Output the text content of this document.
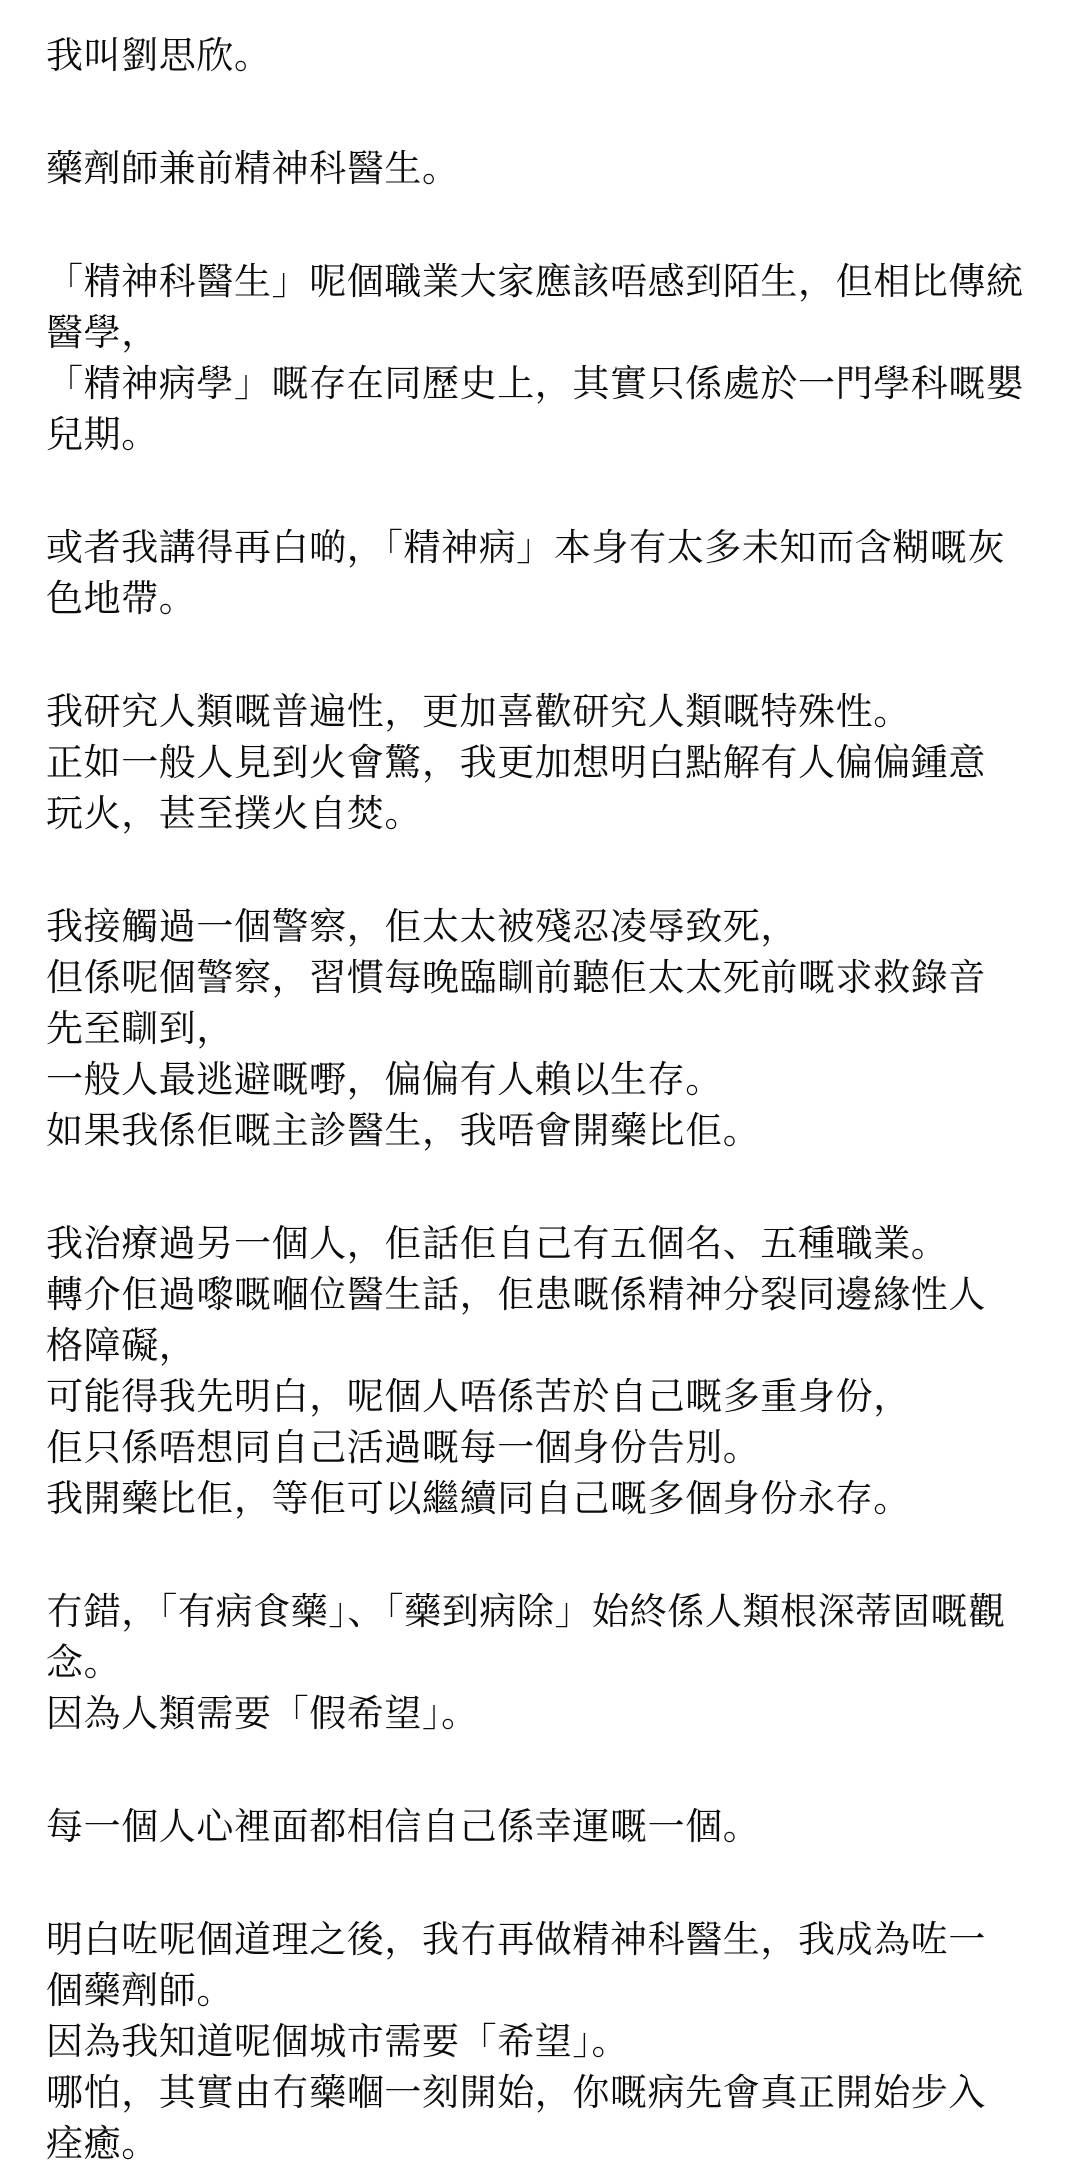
我叫劉思欣。
藥劑師兼前精神科醫生。
「精神科醫生」呢個職業大家應該唔感到陌生，但相比傳統
醫學，
「精神病學」嘅存在同歷史上，其實只係處於一門學科嘅嬰
兒期。
或者我講得再白啲，「精神病」本身有太多未知而含糊嘅灰
色地帶。
我研究人類嘅普遍性，更加喜歡研究人類嘅特殊性。
正如一般人見到火會驚，我更加想明白點解有人偏偏鍾意
玩火，甚至撲火自焚。
我接觸過一個警察，佢太太被殘忍凌辱致死，
但係呢個警察，習慣每晚臨瞓前聽佢太太死前嘅求救錄音
先至瞓到，
一般人最逃避嘅嘢，偏偏有人賴以生存。
如果我係佢嘅主診醫生，我唔會開藥比佢。
我治療過另一個人，佢話佢自己有五個名、五種職業。
轉介佢過嚟嘅嗰位醫生話，佢患嘅係精神分裂同邊緣性人
格障礙，
可能得我先明白，呢個人唔係苦於自己嘅多重身份，
佢只係唔想同自己活過嘅每一個身份告別。
我開藥比佢，等佢可以繼續同自己嘅多個身份永存。
冇錯，「有病食藥」、「藥到病除」始終係人類根深蒂固嘅觀
念。
因為人類需要「假希望」。
每一個人心裡面都相信自己係幸運嘅一個。
明白咗呢個道理之後，我冇再做精神科醫生，我成為咗一
個藥劑師。
因為我知道呢個城市需要「希望」。
哪怕，其實由冇藥嗰一刻開始，你嘅病先會真正開始步入
痊癒。
